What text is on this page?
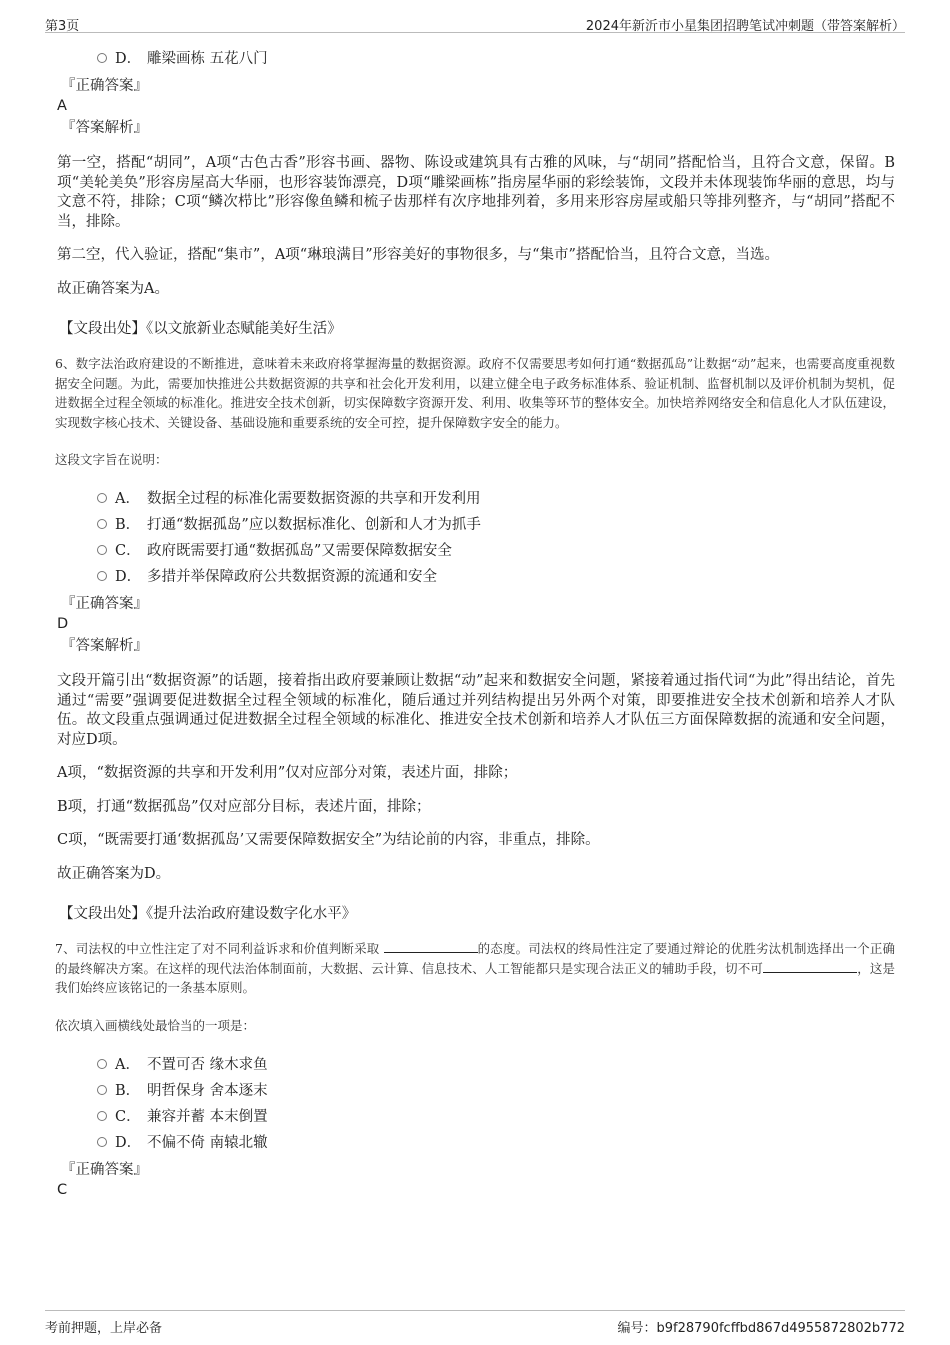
第3页	2024年新沂市小星集团招聘笔试冲刺题（带答案解析）
D． 雕梁画栋 五花八门
『正确答案』
A
『答案解析』
第一空，搭配“胡同”，A项“古色古香”形容书画、器物、陈设或建筑具有古雅的风味，与“胡同”搭配恰当，且符合文意，保留。B项“美轮美奂”形容房屋高大华丽，也形容装饰漂亮，D项“雕梁画栋”指房屋华丽的彩绘装饰，文段并未体现装饰华丽的意思，均与文意不符，排除；C项“鳞次栉比”形容像鱼鳞和梳子齿那样有次序地排列着，多用来形容房屋或船只等排列整齐，与“胡同”搭配不当，排除。
第二空，代入验证，搭配“集市”，A项“琳琅满目”形容美好的事物很多，与“集市”搭配恰当，且符合文意，当选。
故正确答案为A。
【文段出处】《以文旅新业态赋能美好生活》
6、数字法治政府建设的不断推进，意味着未来政府将掌握海量的数据资源。政府不仅需要思考如何打通“数据孤岛”让数据“动”起来，也需要高度重视数据安全问题。为此，需要加快推进公共数据资源的共享和社会化开发利用，以建立健全电子政务标准体系、验证机制、监督机制以及评价机制为契机，促进数据全过程全领域的标准化。推进安全技术创新，切实保障数字资源开发、利用、收集等环节的整体安全。加快培养网络安全和信息化人才队伍建设，实现数字核心技术、关键设备、基础设施和重要系统的安全可控，提升保障数字安全的能力。
这段文字旨在说明：
A． 数据全过程的标准化需要数据资源的共享和开发利用
B． 打通“数据孤岛”应以数据标准化、创新和人才为抓手
C． 政府既需要打通“数据孤岛”又需要保障数据安全
D． 多措并举保障政府公共数据资源的流通和安全
『正确答案』
D
『答案解析』
文段开篇引出“数据资源”的话题，接着指出政府要兼顾让数据“动”起来和数据安全问题，紧接着通过指代词“为此”得出结论，首先通过“需要”强调要促进数据全过程全领域的标准化，随后通过并列结构提出另外两个对策，即要推进安全技术创新和培养人才队伍。故文段重点强调通过促进数据全过程全领域的标准化、推进安全技术创新和培养人才队伍三方面保障数据的流通和安全问题，对应D项。
A项，“数据资源的共享和开发利用”仅对应部分对策，表述片面，排除；
B项，打通“数据孤岛”仅对应部分目标，表述片面，排除；
C项，“既需要打通‘数据孤岛’又需要保障数据安全”为结论前的内容，非重点，排除。
故正确答案为D。
【文段出处】《提升法治政府建设数字化水平》
7、司法权的中立性注定了对不同利益诉求和价值判断采取	的态度。司法权的终局性注定了要通过辩论的优胜劣汰机制选择出一个正确的最终解决方案。在这样的现代法治体制面前，大数据、云计算、信息技术、人工智能都只是实现合法正义的辅助手段，切不可	，这是我们始终应该铭记的一条基本原则。
依次填入画横线处最恰当的一项是：
A． 不置可否 缘木求鱼
B． 明哲保身 舍本逐末
C． 兼容并蓄 本末倒置
D． 不偏不倚 南辕北辙
『正确答案』
C
考前押题，上岸必备	编号：b9f28790fcffbd867d4955872802b772
